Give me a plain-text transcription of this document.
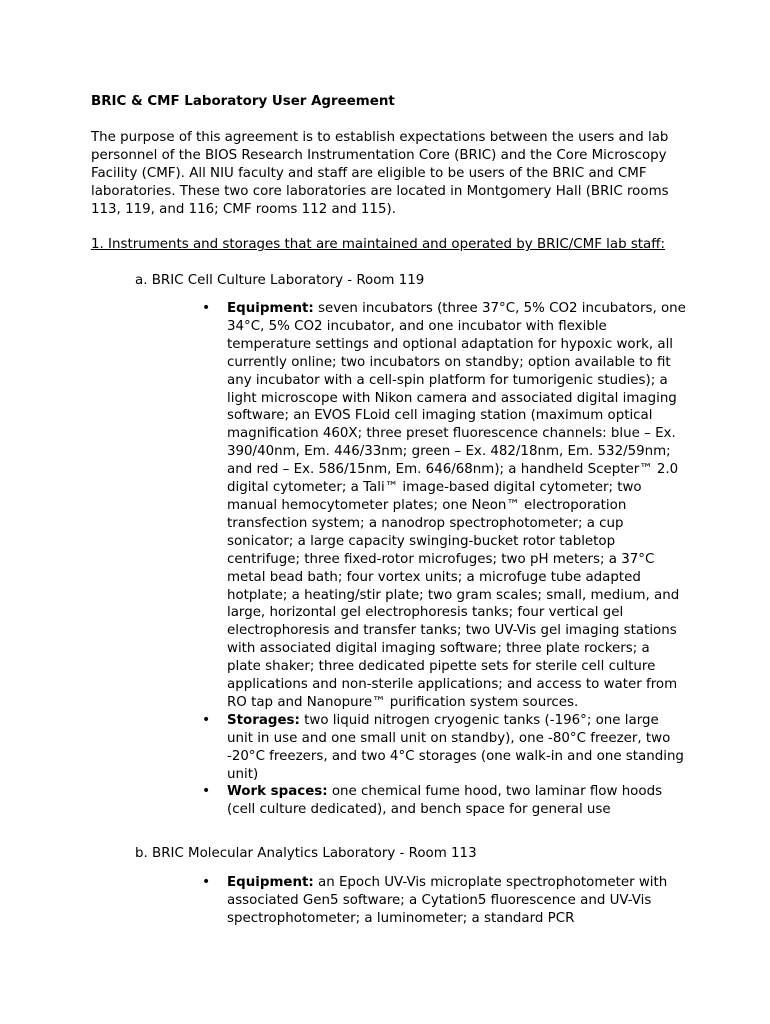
BRIC & CMF Laboratory User Agreement

The purpose of this agreement is to establish expectations between the users and lab personnel of the BIOS Research Instrumentation Core (BRIC) and the Core Microscopy Facility (CMF). All NIU faculty and staff are eligible to be users of the BRIC and CMF laboratories. These two core laboratories are located in Montgomery Hall (BRIC rooms 113, 119, and 116; CMF rooms 112 and 115).

1. Instruments and storages that are maintained and operated by BRIC/CMF lab staff:

a. BRIC Cell Culture Laboratory - Room 119

• Equipment: seven incubators (three 37°C, 5% CO2 incubators, one 34°C, 5% CO2 incubator, and one incubator with flexible temperature settings and optional adaptation for hypoxic work, all currently online; two incubators on standby; option available to fit any incubator with a cell-spin platform for tumorigenic studies); a light microscope with Nikon camera and associated digital imaging software; an EVOS FLoid cell imaging station (maximum optical magnification 460X; three preset fluorescence channels: blue – Ex. 390/40nm, Em. 446/33nm; green – Ex. 482/18nm, Em. 532/59nm; and red – Ex. 586/15nm, Em. 646/68nm); a handheld Scepter™ 2.0 digital cytometer; a Tali™ image-based digital cytometer; two manual hemocytometer plates; one Neon™ electroporation transfection system; a nanodrop spectrophotometer; a cup sonicator; a large capacity swinging-bucket rotor tabletop centrifuge; three fixed-rotor microfuges; two pH meters; a 37°C metal bead bath; four vortex units; a microfuge tube adapted hotplate; a heating/stir plate; two gram scales; small, medium, and large, horizontal gel electrophoresis tanks; four vertical gel electrophoresis and transfer tanks; two UV-Vis gel imaging stations with associated digital imaging software; three plate rockers; a plate shaker; three dedicated pipette sets for sterile cell culture applications and non-sterile applications; and access to water from RO tap and Nanopure™ purification system sources.
• Storages: two liquid nitrogen cryogenic tanks (-196°; one large unit in use and one small unit on standby), one -80°C freezer, two -20°C freezers, and two 4°C storages (one walk-in and one standing unit)
• Work spaces: one chemical fume hood, two laminar flow hoods (cell culture dedicated), and bench space for general use

b. BRIC Molecular Analytics Laboratory - Room 113

• Equipment: an Epoch UV-Vis microplate spectrophotometer with associated Gen5 software; a Cytation5 fluorescence and UV-Vis spectrophotometer; a luminometer; a standard PCR
